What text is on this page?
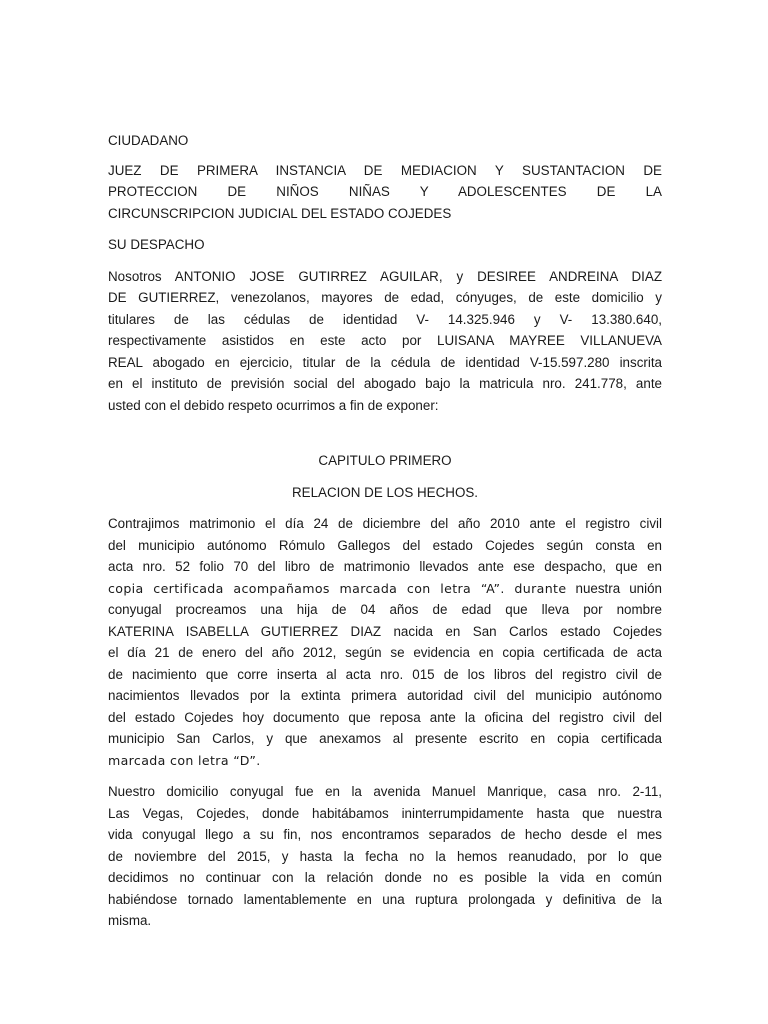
CIUDADANO
JUEZ DE PRIMERA INSTANCIA DE MEDIACION Y SUSTANTACION DE
PROTECCION DE NIÑOS NIÑAS Y ADOLESCENTES DE LA
CIRCUNSCRIPCION JUDICIAL DEL ESTADO COJEDES
SU DESPACHO
Nosotros ANTONIO JOSE GUTIRREZ AGUILAR, y DESIREE ANDREINA DIAZ
DE GUTIERREZ, venezolanos, mayores de edad, cónyuges, de este domicilio y
titulares de las cédulas de identidad V- 14.325.946 y V- 13.380.640,
respectivamente asistidos en este acto por LUISANA MAYREE VILLANUEVA
REAL abogado en ejercicio, titular de la cédula de identidad V-15.597.280 inscrita
en el instituto de previsión social del abogado bajo la matricula nro. 241.778, ante
usted con el debido respeto ocurrimos a fin de exponer:
CAPITULO PRIMERO
RELACION DE LOS HECHOS.
Contrajimos matrimonio el día 24 de diciembre del año 2010 ante el registro civil
del municipio autónomo Rómulo Gallegos del estado Cojedes según consta en
acta nro. 52 folio 70 del libro de matrimonio llevados ante ese despacho, que en
copia certificada acompañamos marcada con letra “A”. durante nuestra unión
conyugal procreamos una hija de 04 años de edad que lleva por nombre
KATERINA ISABELLA GUTIERREZ DIAZ nacida en San Carlos estado Cojedes
el día 21 de enero del año 2012, según se evidencia en copia certificada de acta
de nacimiento que corre inserta al acta nro. 015 de los libros del registro civil de
nacimientos llevados por la extinta primera autoridad civil del municipio autónomo
del estado Cojedes hoy documento que reposa ante la oficina del registro civil del
municipio San Carlos, y que anexamos al presente escrito en copia certificada
marcada con letra “D”.
Nuestro domicilio conyugal fue en la avenida Manuel Manrique, casa nro. 2-11,
Las Vegas, Cojedes, donde habitábamos ininterrumpidamente hasta que nuestra
vida conyugal llego a su fin, nos encontramos separados de hecho desde el mes
de noviembre del 2015, y hasta la fecha no la hemos reanudado, por lo que
decidimos no continuar con la relación donde no es posible la vida en común
habiéndose tornado lamentablemente en una ruptura prolongada y definitiva de la
misma.
